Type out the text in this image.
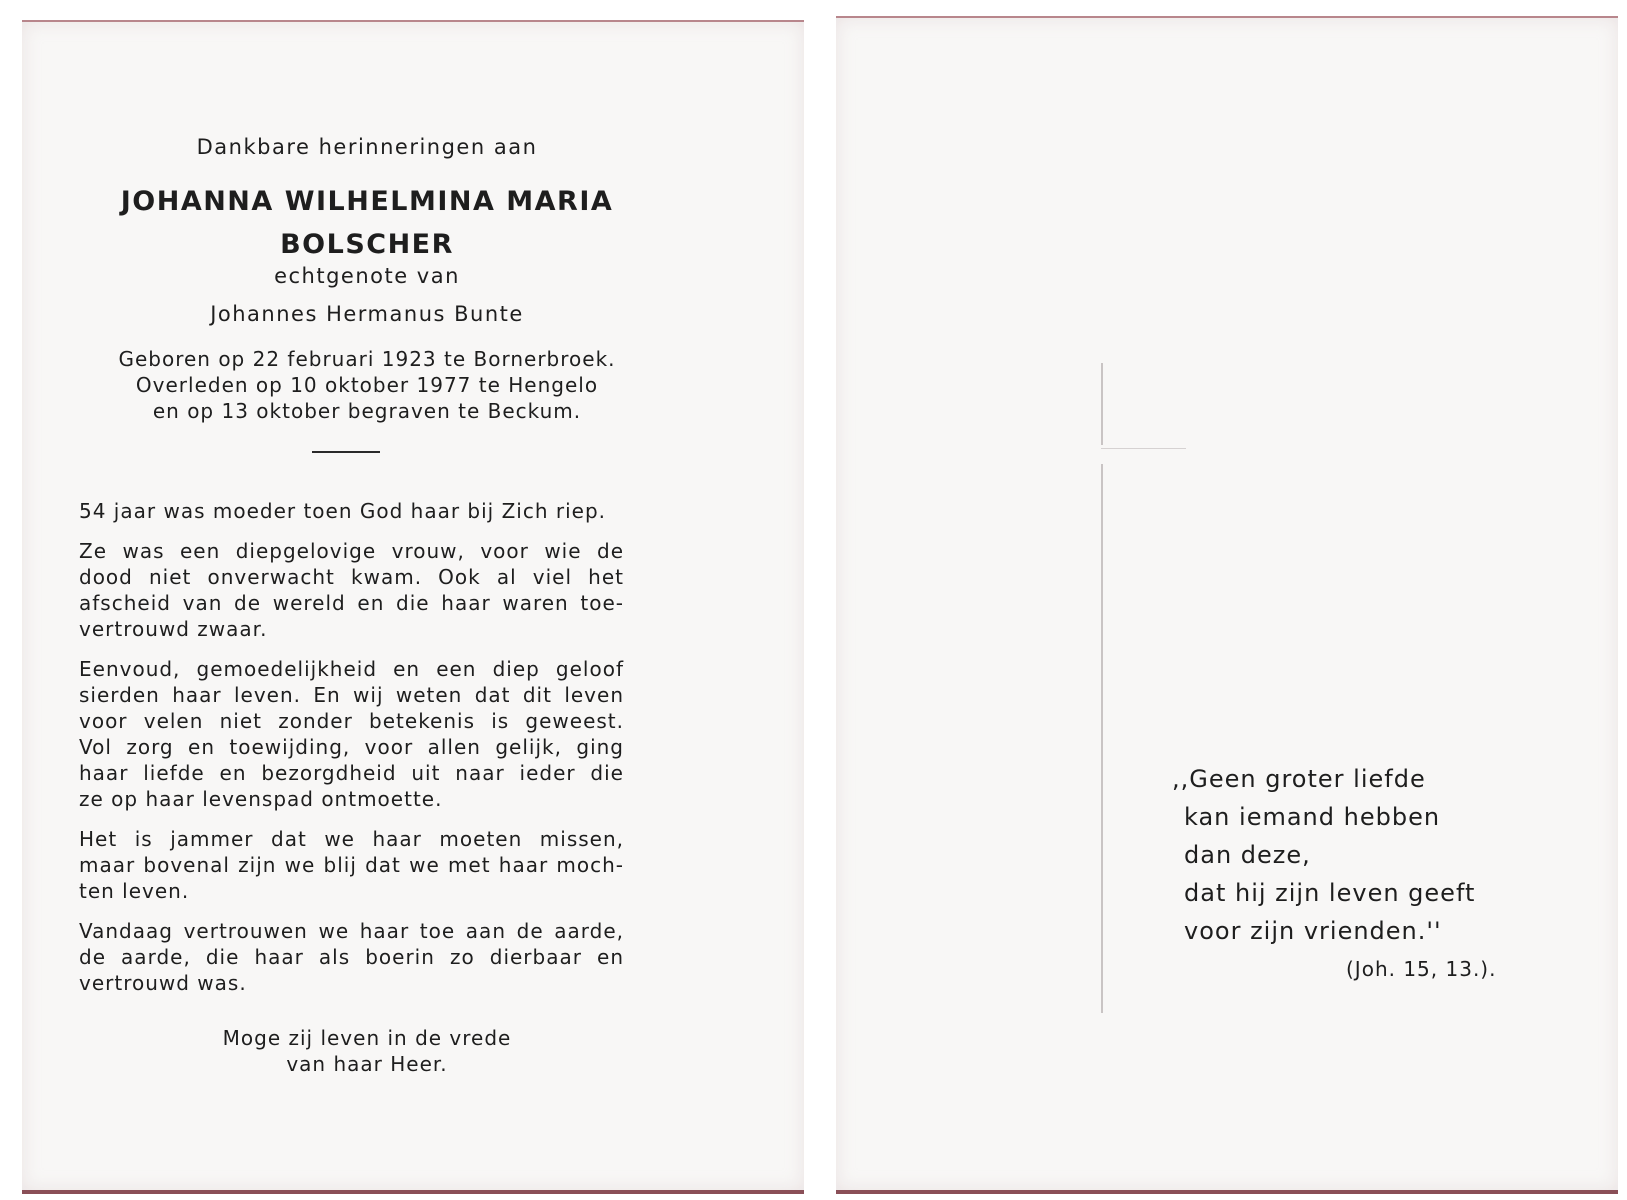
Dankbare herinneringen aan
JOHANNA WILHELMINA MARIA
BOLSCHER
echtgenote van
Johannes Hermanus Bunte
Geboren op 22 februari 1923 te Bornerbroek.
Overleden op 10 oktober 1977 te Hengelo
en op 13 oktober begraven te Beckum.
54 jaar was moeder toen God haar bij Zich riep.
Ze was een diepgelovige vrouw, voor wie de
dood niet onverwacht kwam. Ook al viel het
afscheid van de wereld en die haar waren toe-
vertrouwd zwaar.
Eenvoud, gemoedelijkheid en een diep geloof
sierden haar leven. En wij weten dat dit leven
voor velen niet zonder betekenis is geweest.
Vol zorg en toewijding, voor allen gelijk, ging
haar liefde en bezorgdheid uit naar ieder die
ze op haar levenspad ontmoette.
Het is jammer dat we haar moeten missen,
maar bovenal zijn we blij dat we met haar moch-
ten leven.
Vandaag vertrouwen we haar toe aan de aarde,
de aarde, die haar als boerin zo dierbaar en
vertrouwd was.
Moge zij leven in de vrede
van haar Heer.
,,Geen groter liefde
kan iemand hebben
dan deze,
dat hij zijn leven geeft
voor zijn vrienden.''
(Joh. 15, 13.).
